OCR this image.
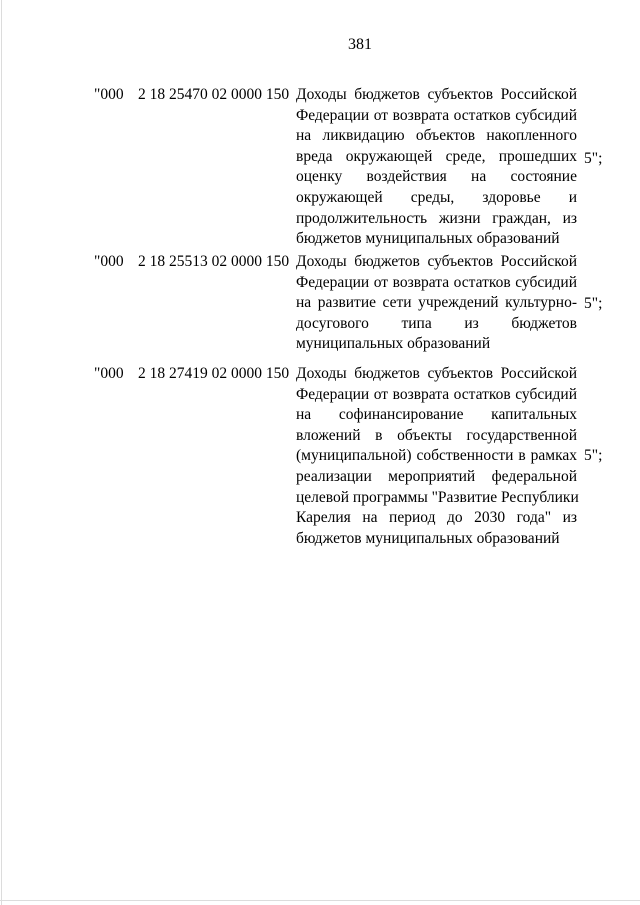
381
"000 2 18 25470 02 0000 150 Доходы бюджетов субъектов Российской
Федерации от возврата остатков субсидий
на ликвидацию объектов накопленного
вреда окружающей среде, прошедших
оценку воздействия на состояние
окружающей среды, здоровье и
продолжительность жизни граждан, из
бюджетов муниципальных образований
5";
"000 2 18 25513 02 0000 150 Доходы бюджетов субъектов Российской
Федерации от возврата остатков субсидий
на развитие сети учреждений культурно-
досугового типа из бюджетов
муниципальных образований
5";
"000 2 18 27419 02 0000 150 Доходы бюджетов субъектов Российской
Федерации от возврата остатков субсидий
на софинансирование капитальных
вложений в объекты государственной
(муниципальной) собственности в рамках
реализации мероприятий федеральной
целевой программы "Развитие Республики
Карелия на период до 2030 года" из
бюджетов муниципальных образований
5";
